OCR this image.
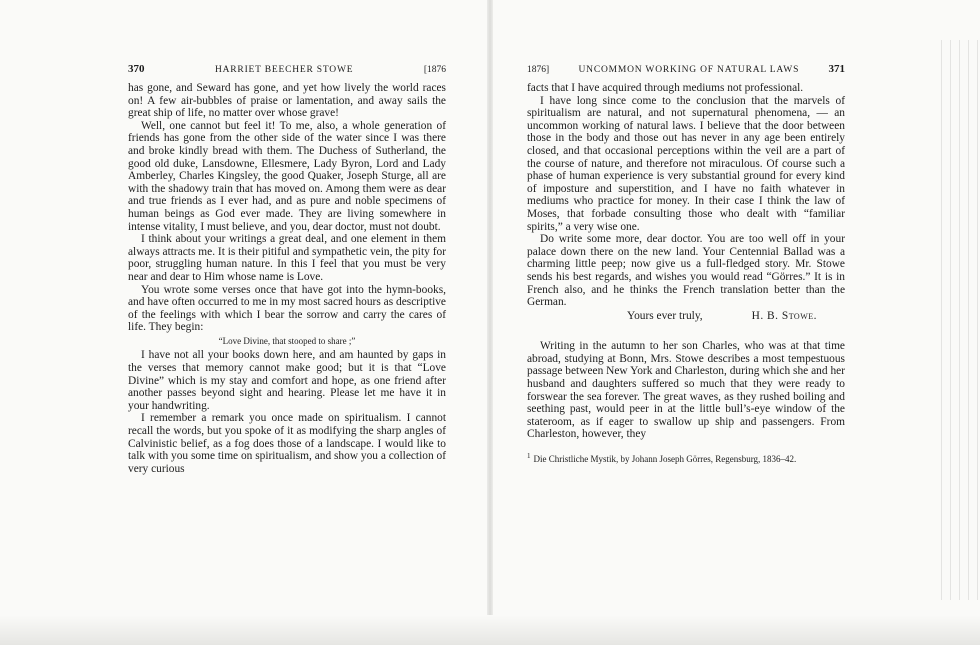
370	HARRIET BEECHER STOWE	[1876

has gone, and Seward has gone, and yet how lively the world races on! A few air-bubbles of praise or lamentation, and away sails the great ship of life, no matter over whose grave!

Well, one cannot but feel it! To me, also, a whole generation of friends has gone from the other side of the water since I was there and broke kindly bread with them. The Duchess of Sutherland, the good old duke, Lansdowne, Ellesmere, Lady Byron, Lord and Lady Amberley, Charles Kingsley, the good Quaker, Joseph Sturge, all are with the shadowy train that has moved on. Among them were as dear and true friends as I ever had, and as pure and noble specimens of human beings as God ever made. They are living somewhere in intense vitality, I must believe, and you, dear doctor, must not doubt.

I think about your writings a great deal, and one element in them always attracts me. It is their pitiful and sympathetic vein, the pity for poor, struggling human nature. In this I feel that you must be very near and dear to Him whose name is Love.

You wrote some verses once that have got into the hymn-books, and have often occurred to me in my most sacred hours as descriptive of the feelings with which I bear the sorrow and carry the cares of life. They begin:

“Love Divine, that stooped to share ;”

I have not all your books down here, and am haunted by gaps in the verses that memory cannot make good; but it is that “Love Divine” which is my stay and comfort and hope, as one friend after another passes beyond sight and hearing. Please let me have it in your handwriting.

I remember a remark you once made on spiritualism. I cannot recall the words, but you spoke of it as modifying the sharp angles of Calvinistic belief, as a fog does those of a landscape. I would like to talk with you some time on spiritualism, and show you a collection of very curious

1876]	UNCOMMON WORKING OF NATURAL LAWS	371

facts that I have acquired through mediums not professional.

I have long since come to the conclusion that the marvels of spiritualism are natural, and not supernatural phenomena, — an uncommon working of natural laws. I believe that the door between those in the body and those out has never in any age been entirely closed, and that occasional perceptions within the veil are a part of the course of nature, and therefore not miraculous. Of course such a phase of human experience is very substantial ground for every kind of imposture and superstition, and I have no faith whatever in mediums who practice for money. In their case I think the law of Moses, that forbade consulting those who dealt with “familiar spirits,” a very wise one.

Do write some more, dear doctor. You are too well off in your palace down there on the new land. Your Centennial Ballad was a charming little peep; now give us a full-fledged story. Mr. Stowe sends his best regards, and wishes you would read “Görres.” It is in French also, and he thinks the French translation better than the German.

Yours ever truly,	H. B. Stowe.

Writing in the autumn to her son Charles, who was at that time abroad, studying at Bonn, Mrs. Stowe describes a most tempestuous passage between New York and Charleston, during which she and her husband and daughters suffered so much that they were ready to forswear the sea forever. The great waves, as they rushed boiling and seething past, would peer in at the little bull’s-eye window of the stateroom, as if eager to swallow up ship and passengers. From Charleston, however, they

$^1$ Die Christliche Mystik, by Johann Joseph Görres, Regensburg, 1836–42.
